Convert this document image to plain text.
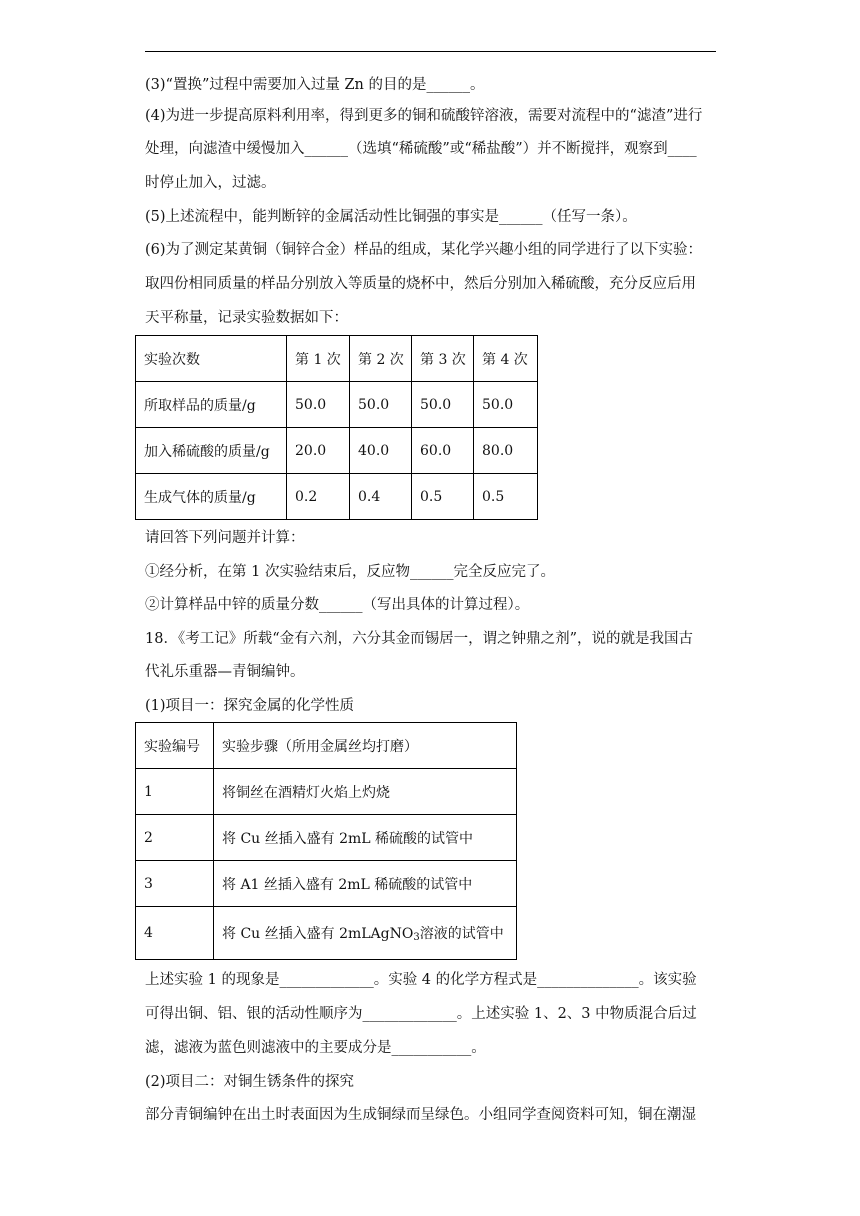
(3)“置换”过程中需要加入过量 Zn 的目的是______。
(4)为进一步提高原料利用率，得到更多的铜和硫酸锌溶液，需要对流程中的“滤渣”进行
处理，向滤渣中缓慢加入______（选填“稀硫酸”或“稀盐酸”）并不断搅拌，观察到____
时停止加入，过滤。
(5)上述流程中，能判断锌的金属活动性比铜强的事实是______（任写一条）。
(6)为了测定某黄铜（铜锌合金）样品的组成，某化学兴趣小组的同学进行了以下实验：
取四份相同质量的样品分别放入等质量的烧杯中，然后分别加入稀硫酸，充分反应后用
天平称量，记录实验数据如下：
实验次数	第 1 次	第 2 次	第 3 次	第 4 次
所取样品的质量/g	50.0	50.0	50.0	50.0
加入稀硫酸的质量/g	20.0	40.0	60.0	80.0
生成气体的质量/g	0.2	0.4	0.5	0.5
请回答下列问题并计算：
①经分析，在第 1 次实验结束后，反应物______完全反应完了。
②计算样品中锌的质量分数______（写出具体的计算过程）。
18．《考工记》所载“金有六剂，六分其金而锡居一，谓之钟鼎之剂”，说的就是我国古
代礼乐重器—青铜编钟。
(1)项目一：探究金属的化学性质
实验编号	实验步骤（所用金属丝均打磨）
1	将铜丝在酒精灯火焰上灼烧
2	将 Cu 丝插入盛有 2mL 稀硫酸的试管中
3	将 A1 丝插入盛有 2mL 稀硫酸的试管中
4	将 Cu 丝插入盛有 2mLAgNO$_3$溶液的试管中
上述实验 1 的现象是_____________。实验 4 的化学方程式是______________。该实验
可得出铜、铝、银的活动性顺序为_____________。上述实验 1、2、3 中物质混合后过
滤，滤液为蓝色则滤液中的主要成分是___________。
(2)项目二：对铜生锈条件的探究
部分青铜编钟在出土时表面因为生成铜绿而呈绿色。小组同学查阅资料可知，铜在潮湿
